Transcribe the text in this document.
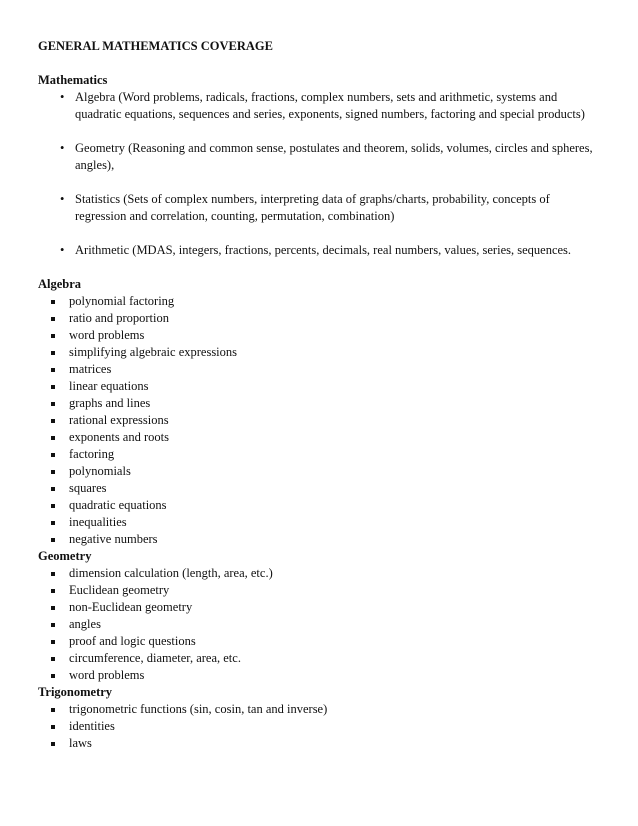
GENERAL MATHEMATICS COVERAGE

Mathematics

• Algebra (Word problems, radicals, fractions, complex numbers, sets and arithmetic, systems and quadratic equations, sequences and series, exponents, signed numbers, factoring and special products)
• Geometry (Reasoning and common sense, postulates and theorem, solids, volumes, circles and spheres, angles),
• Statistics (Sets of complex numbers, interpreting data of graphs/charts, probability, concepts of regression and correlation, counting, permutation, combination)
• Arithmetic (MDAS, integers, fractions, percents, decimals, real numbers, values, series, sequences.

Algebra

polynomial factoring
ratio and proportion
word problems
simplifying algebraic expressions
matrices
linear equations
graphs and lines
rational expressions
exponents and roots
factoring
polynomials
squares
quadratic equations
inequalities
negative numbers

Geometry

dimension calculation (length, area, etc.)
Euclidean geometry
non-Euclidean geometry
angles
proof and logic questions
circumference, diameter, area, etc.
word problems

Trigonometry

trigonometric functions (sin, cosin, tan and inverse)
identities
laws
